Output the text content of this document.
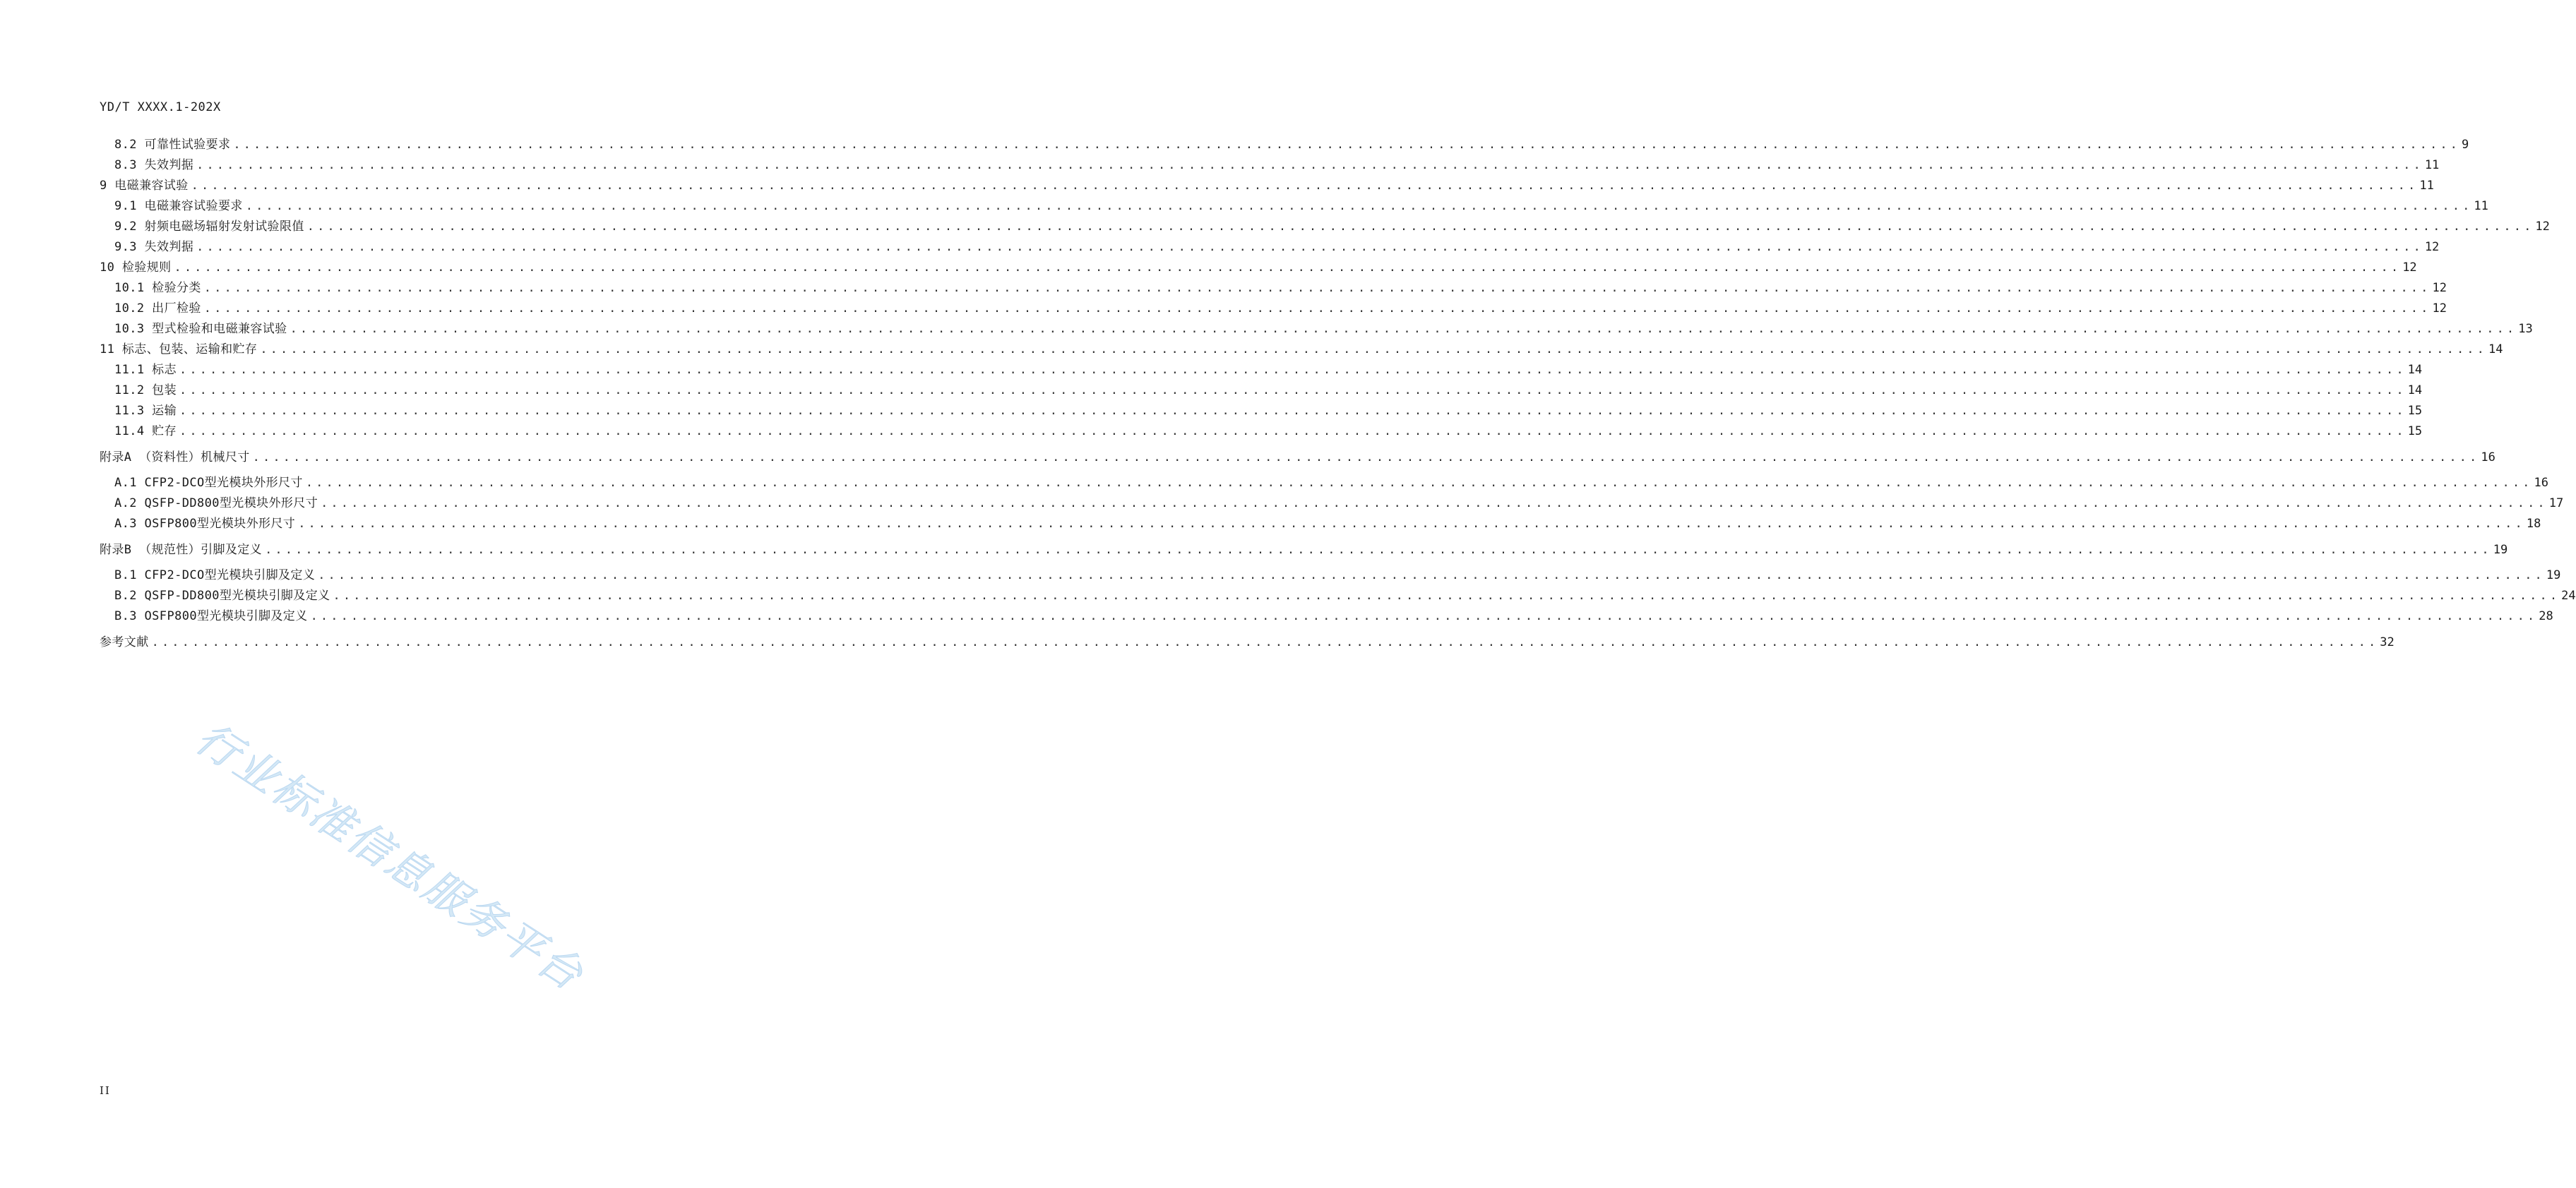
YD/T XXXX.1-202X
8.2 可靠性试验要求 ............................................................................................................................................................................................................................ 9
8.3 失效判据 ............................................................................................................................................................................................................................ 11
9 电磁兼容试验 ............................................................................................................................................................................................................................ 11
9.1 电磁兼容试验要求 ............................................................................................................................................................................................................................ 11
9.2 射频电磁场辐射发射试验限值 ............................................................................................................................................................................................................................ 12
9.3 失效判据 ............................................................................................................................................................................................................................ 12
10 检验规则 ............................................................................................................................................................................................................................ 12
10.1 检验分类 ............................................................................................................................................................................................................................ 12
10.2 出厂检验 ............................................................................................................................................................................................................................ 12
10.3 型式检验和电磁兼容试验 ............................................................................................................................................................................................................................ 13
11 标志、包装、运输和贮存 ............................................................................................................................................................................................................................ 14
11.1 标志 ............................................................................................................................................................................................................................ 14
11.2 包装 ............................................................................................................................................................................................................................ 14
11.3 运输 ............................................................................................................................................................................................................................ 15
11.4 贮存 ............................................................................................................................................................................................................................ 15
附录A （资料性）机械尺寸 ............................................................................................................................................................................................................................ 16
A.1 CFP2-DCO型光模块外形尺寸 ............................................................................................................................................................................................................................ 16
A.2 QSFP-DD800型光模块外形尺寸 ............................................................................................................................................................................................................................ 17
A.3 OSFP800型光模块外形尺寸 ............................................................................................................................................................................................................................ 18
附录B （规范性）引脚及定义 ............................................................................................................................................................................................................................ 19
B.1 CFP2-DCO型光模块引脚及定义 ............................................................................................................................................................................................................................ 19
B.2 QSFP-DD800型光模块引脚及定义 ............................................................................................................................................................................................................................ 24
B.3 OSFP800型光模块引脚及定义 ............................................................................................................................................................................................................................ 28
参考文献 ............................................................................................................................................................................................................................ 32
行业标准信息服务平台
II
